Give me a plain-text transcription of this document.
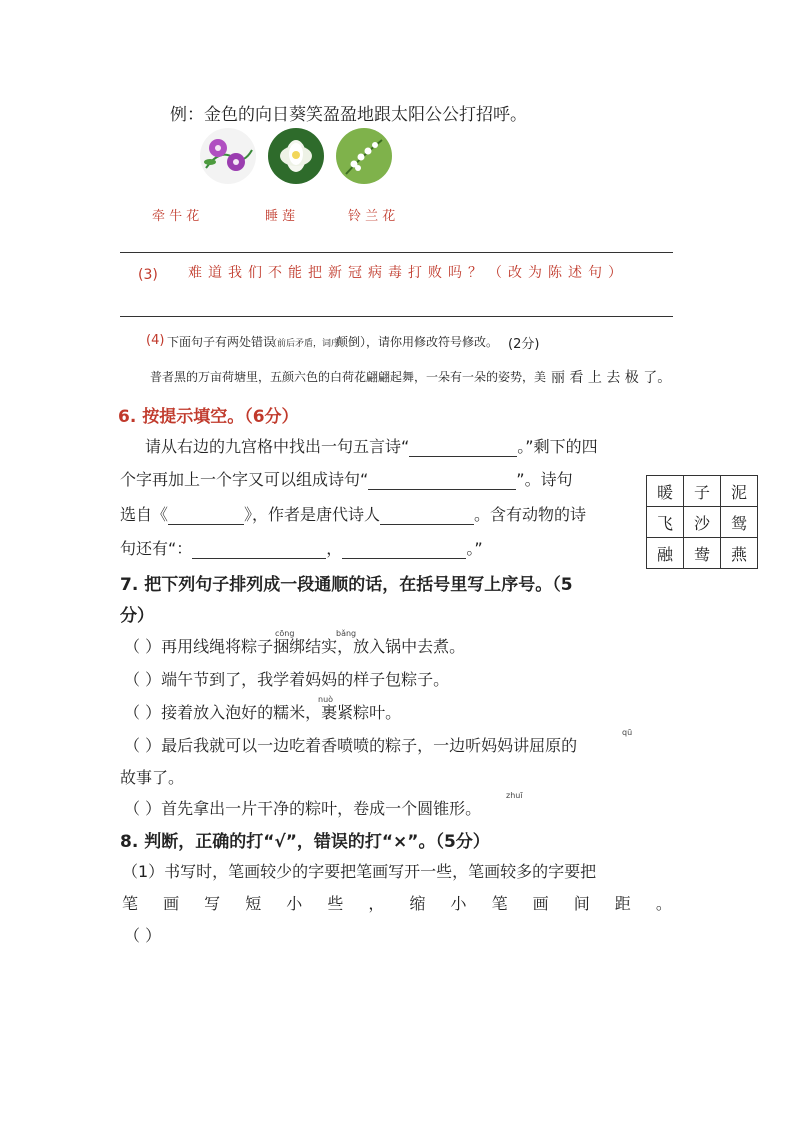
例：金色的向日葵笑盈盈地跟太阳公公打招呼。
牵 牛 花	睡 莲	铃 兰 花
(3) 难道我们不能把新冠病毒打败吗？（改为陈述句）
(4) 下面句子有两处错误
（前后矛盾，词序
颠倒），请你用修改符号修改。 (2分)
普者黑的万亩荷塘里，五颜六色的白荷花翩翩起舞，一朵有一朵的姿势，美 丽 看 上 去 极 了。
6. 按提示填空。（6分）
请从右边的九宫格中找出一句五言诗“	。”剩下的四
个字再加上一个字又可以组成诗句“	”。诗句
选自《	》，作者是唐代诗人	。含有动物的诗
句还有“：	，	。”
暖	子	泥
飞	沙	鸳
融	鸯	燕
7. 把下列句子排列成一段通顺的话，在括号里写上序号。（5
分）
cōng	bǎng
（ ）再用线绳将粽子捆绑结实，放入锅中去煮。
（ ）端午节到了，我学着妈妈的样子包粽子。
nuò
（ ）接着放入泡好的糯米，裹紧粽叶。
qū
（ ）最后我就可以一边吃着香喷喷的粽子，一边听妈妈讲屈原的
故事了。
zhuī
（ ）首先拿出一片干净的粽叶，卷成一个圆锥形。
8. 判断，正确的打“√”，错误的打“×”。（5分）
（1）书写时，笔画较少的字要把笔画写开一些，笔画较多的字要把
笔 画 写 短 小 些 ， 缩 小 笔 画 间 距 。
（ ）
